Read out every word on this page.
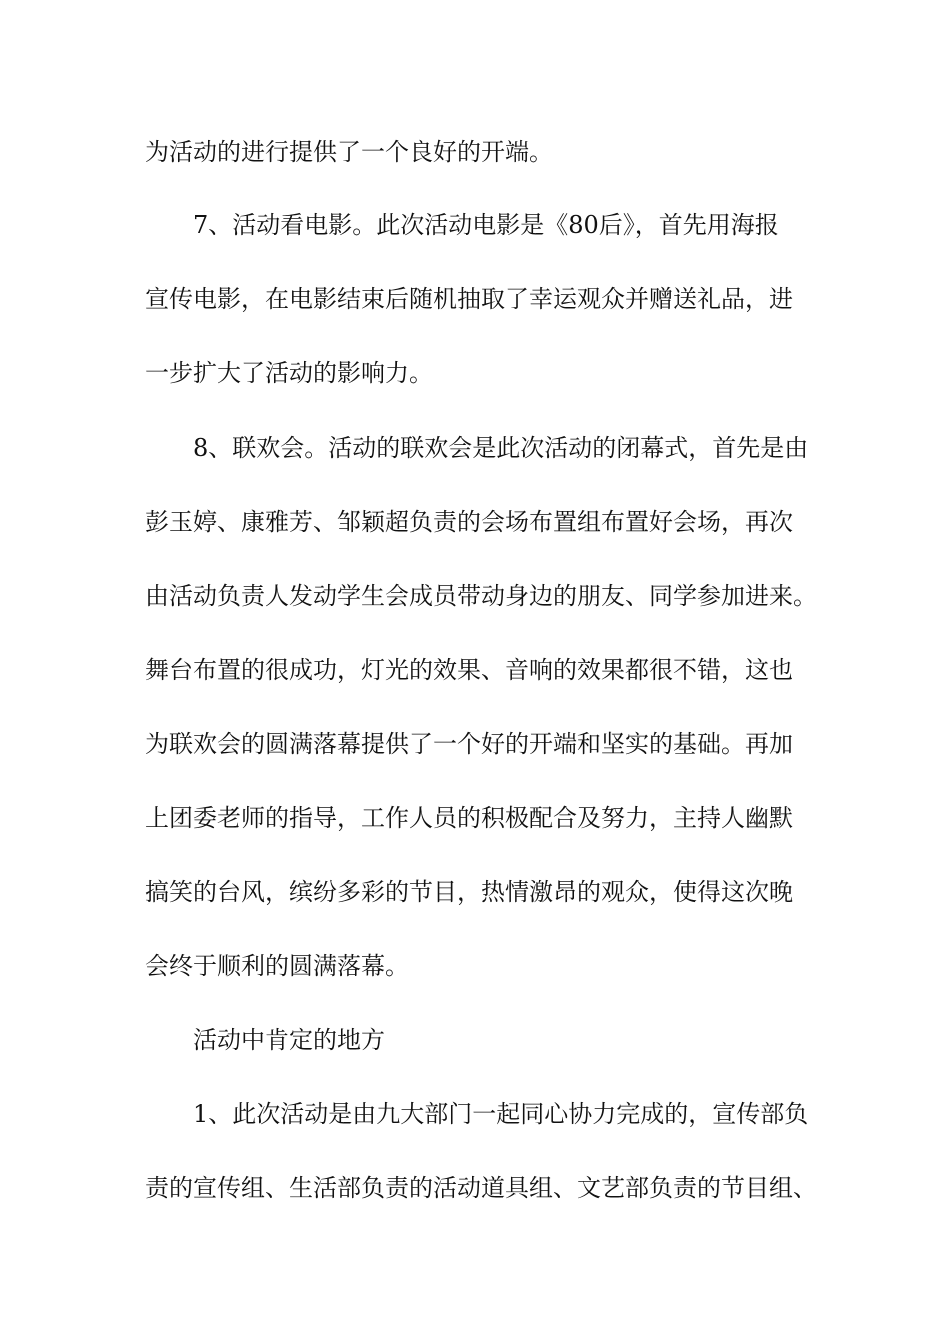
为活动的进行提供了一个良好的开端。
7、活动看电影。此次活动电影是《80后》，首先用海报
宣传电影，在电影结束后随机抽取了幸运观众并赠送礼品，进
一步扩大了活动的影响力。
8、联欢会。活动的联欢会是此次活动的闭幕式，首先是由
彭玉婷、康雅芳、邹颖超负责的会场布置组布置好会场，再次
由活动负责人发动学生会成员带动身边的朋友、同学参加进来。
舞台布置的很成功，灯光的效果、音响的效果都很不错，这也
为联欢会的圆满落幕提供了一个好的开端和坚实的基础。再加
上团委老师的指导，工作人员的积极配合及努力，主持人幽默
搞笑的台风，缤纷多彩的节目，热情激昂的观众，使得这次晚
会终于顺利的圆满落幕。
活动中肯定的地方
1、此次活动是由九大部门一起同心协力完成的，宣传部负
责的宣传组、生活部负责的活动道具组、文艺部负责的节目组、
